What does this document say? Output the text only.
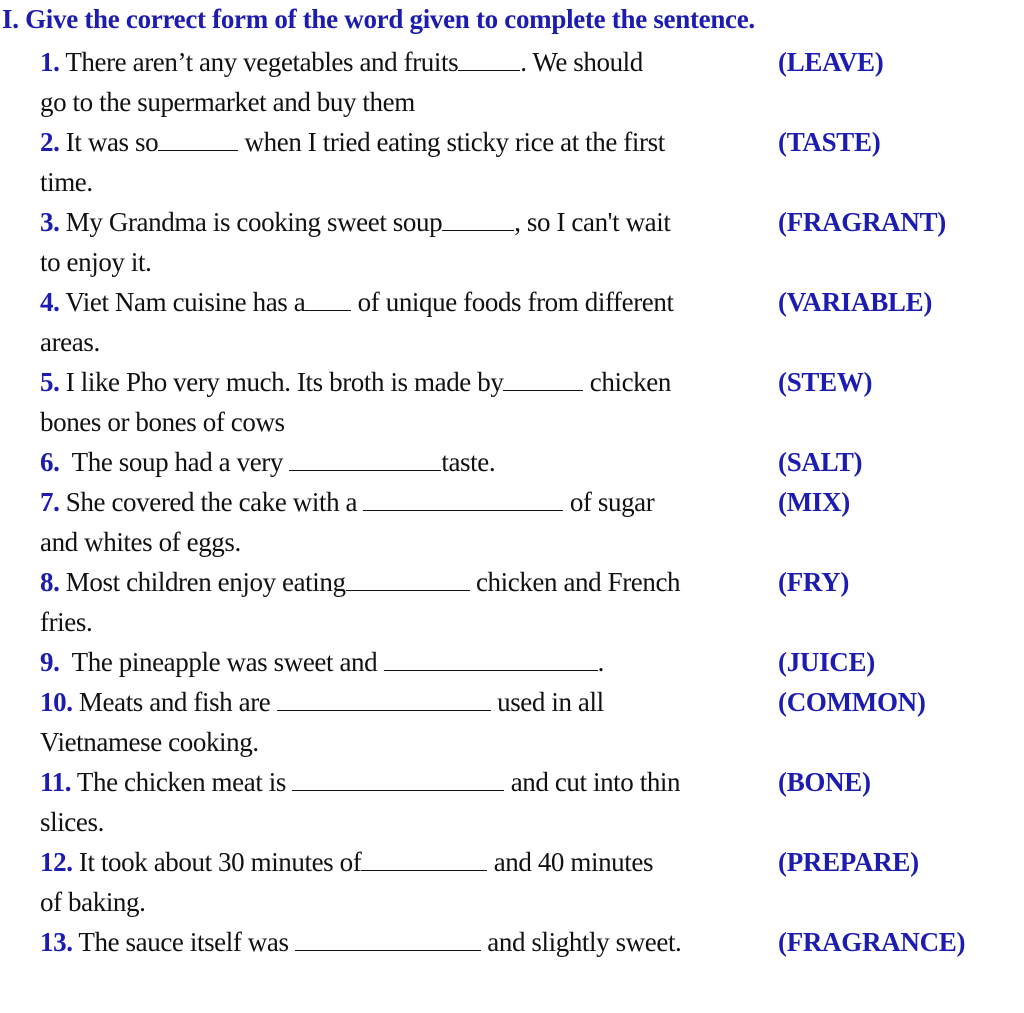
I. Give the correct form of the word given to complete the sentence.
1. There aren’t any vegetables and fruits . We should	(LEAVE)
go to the supermarket and buy them
2. It was so	when I tried eating sticky rice at the first	(TASTE)
time.
3. My Grandma is cooking sweet soup	, so I can't wait	(FRAGRANT)
to enjoy it.
4. Viet Nam cuisine has a of unique foods from different	(VARIABLE)
areas.
5. I like Pho very much. Its broth is made by	chicken	(STEW)
bones or bones of cows
6.  The soup had a very	taste.	(SALT)
7. She covered the cake with a	of sugar	(MIX)
and whites of eggs.
8. Most children enjoy eating	chicken and French	(FRY)
fries.
9.  The pineapple was sweet and	.	(JUICE)
10. Meats and fish are	used in all	(COMMON)
Vietnamese cooking.
11. The chicken meat is	and cut into thin	(BONE)
slices.
12. It took about 30 minutes of	and 40 minutes	(PREPARE)
of baking.
13. The sauce itself was	and slightly sweet.	(FRAGRANCE)
